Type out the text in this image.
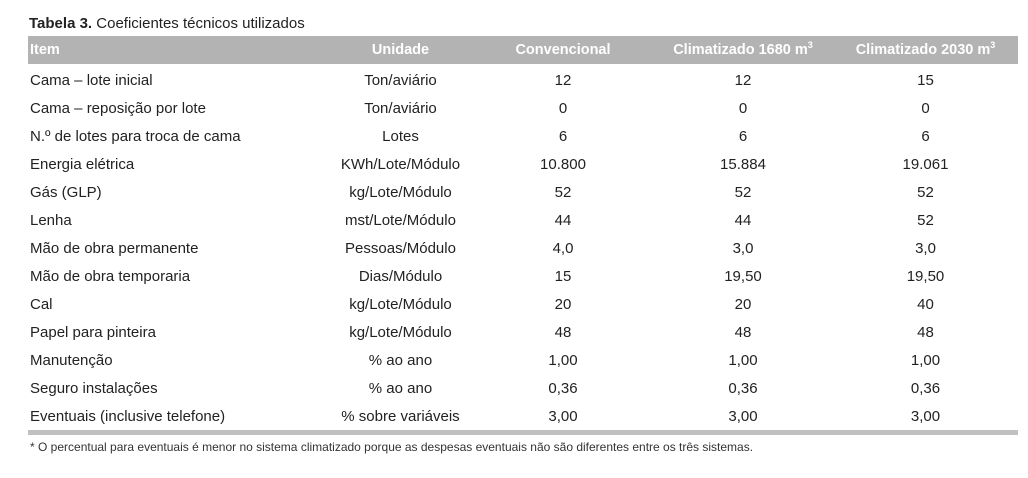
Tabela 3. Coeficientes técnicos utilizados
Item	Unidade	Convencional	Climatizado 1680 $m^3$	Climatizado 2030 $m^3$
Cama – lote inicial	Ton/aviário	12	12	15
Cama – reposição por lote	Ton/aviário	0	0	0
N.º de lotes para troca de cama	Lotes	6	6	6
Energia elétrica	KWh/Lote/Módulo	10.800	15.884	19.061
Gás (GLP)	kg/Lote/Módulo	52	52	52
Lenha	mst/Lote/Módulo	44	44	52
Mão de obra permanente	Pessoas/Módulo	4,0	3,0	3,0
Mão de obra temporaria	Dias/Módulo	15	19,50	19,50
Cal	kg/Lote/Módulo	20	20	40
Papel para pinteira	kg/Lote/Módulo	48	48	48
Manutenção	% ao ano	1,00	1,00	1,00
Seguro instalações	% ao ano	0,36	0,36	0,36
Eventuais (inclusive telefone)	% sobre variáveis	3,00	3,00	3,00
* O percentual para eventuais é menor no sistema climatizado porque as despesas eventuais não são diferentes entre os três sistemas.
